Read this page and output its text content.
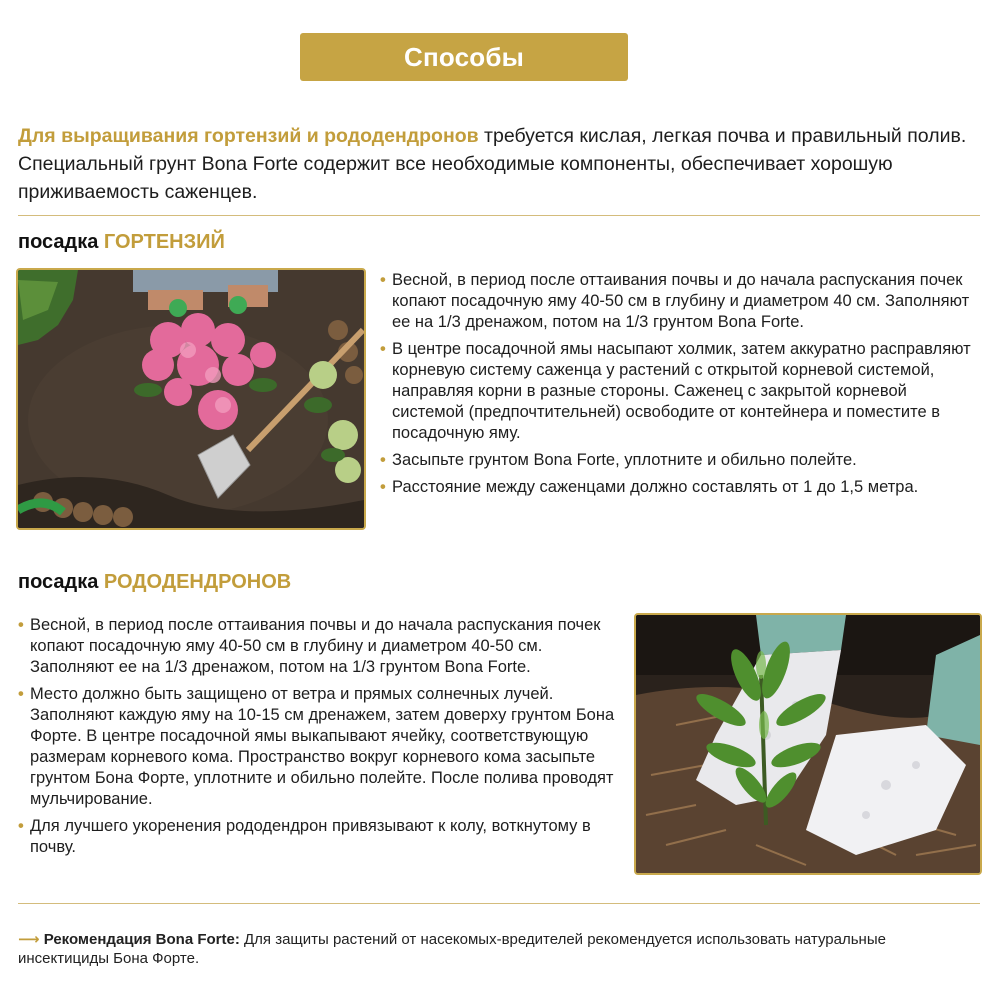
Способы использования
Для выращивания гортензий и рододендронов требуется кислая, легкая почва и правильный полив. Специальный грунт Bona Forte содержит все необходимые компоненты, обеспечивает хорошую приживаемость саженцев.
посадка ГОРТЕНЗИЙ
• Весной, в период после оттаивания почвы и до начала распускания почек копают посадочную яму 40-50 см в глубину и диаметром 40 см. Заполняют ее на 1/3 дренажом, потом на 1/3 грунтом Bona Forte.
• В центре посадочной ямы насыпают холмик, затем аккуратно расправляют корневую систему саженца у растений с открытой корневой системой, направляя корни в разные стороны. Саженец с закрытой корневой системой (предпочтительней) освободите от контейнера и поместите в посадочную яму.
• Засыпьте грунтом Bona Forte, уплотните и обильно полейте.
• Расстояние между саженцами должно составлять от 1 до 1,5 метра.
посадка РОДОДЕНДРОНОВ
• Весной, в период после оттаивания почвы и до начала распускания почек копают посадочную яму 40-50 см в глубину и диаметром 40-50 см. Заполняют ее на 1/3 дренажом, потом на 1/3 грунтом Bona Forte.
• Место должно быть защищено от ветра и прямых солнечных лучей. Заполняют каждую яму на 10-15 см дренажем, затем доверху грунтом Бона Форте. В центре посадочной ямы выкапывают ячейку, соответствующую размерам корневого кома. Пространство вокруг корневого кома засыпьте грунтом Бона Форте, уплотните и обильно полейте. После полива проводят мульчирование.
• Для лучшего укоренения рододендрон привязывают к колу, воткнутому в почву.
⟶ Рекомендация Bona Forte: Для защиты растений от насекомых-вредителей рекомендуется использовать натуральные инсектициды Бона Форте.
